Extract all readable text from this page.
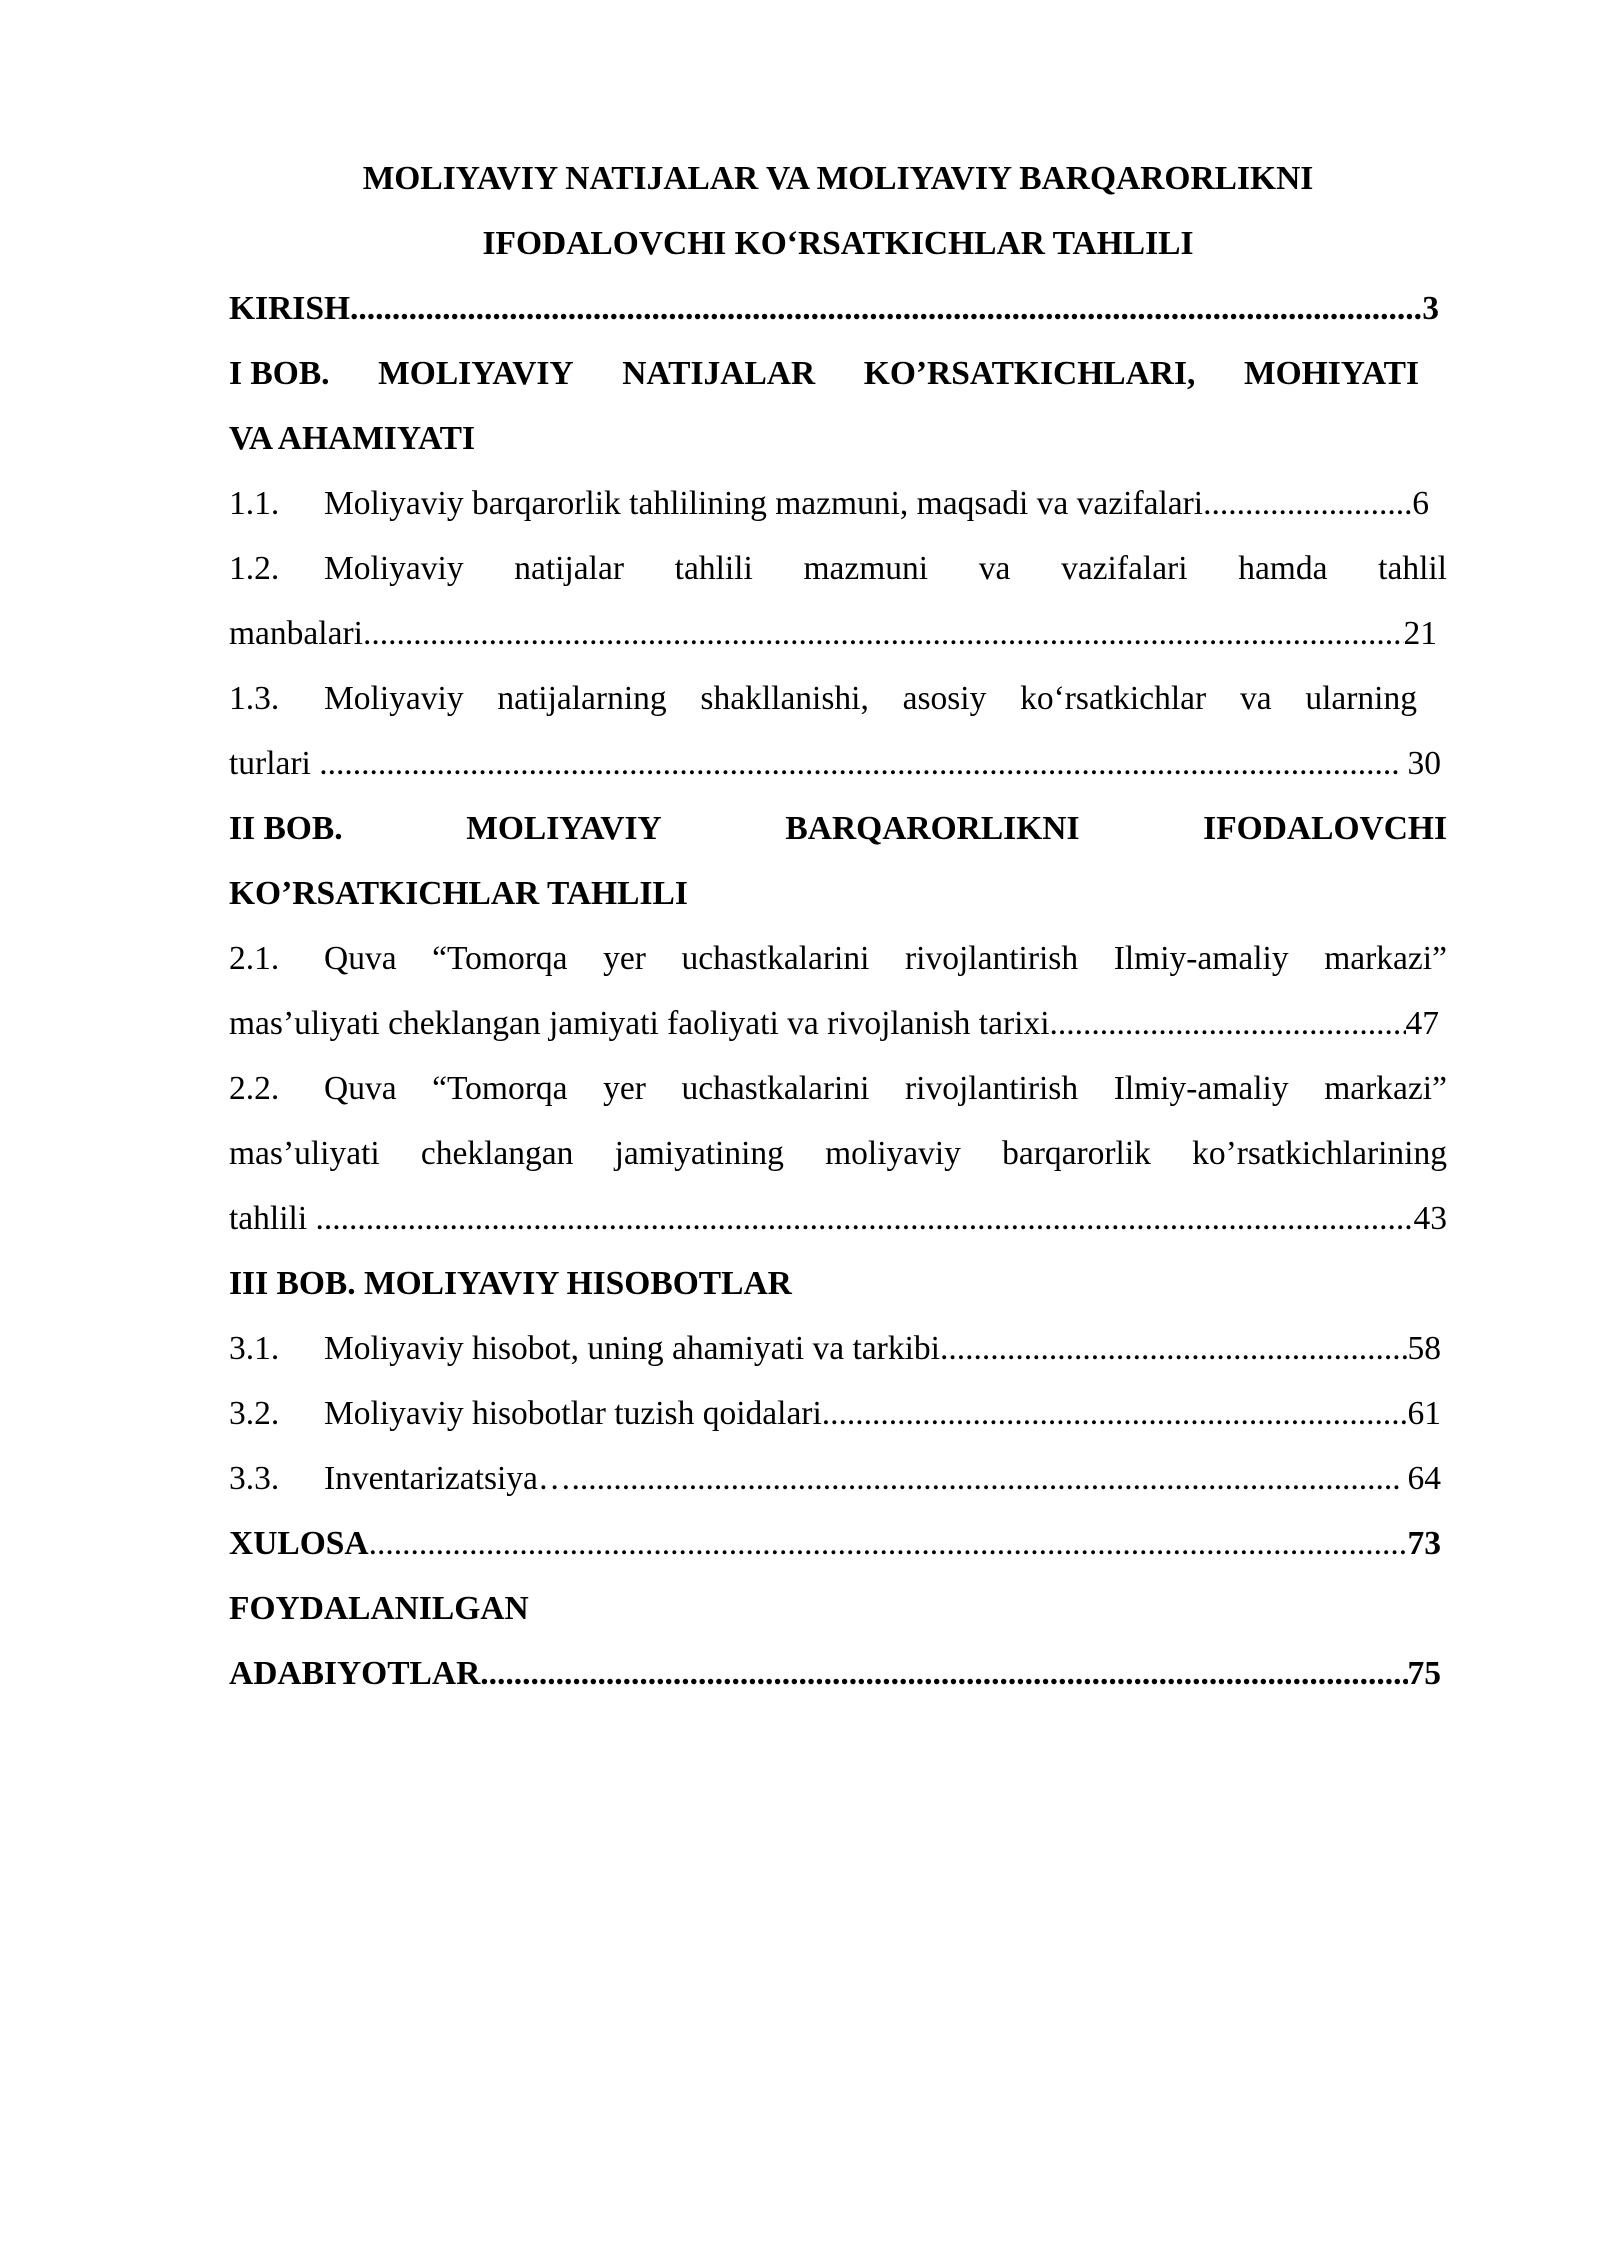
MOLIYAVIY NATIJALAR VA MOLIYAVIY BARQARORLIKNI
IFODALOVCHI KO‘RSATKICHLAR TAHLILI
KIRISH .....	3
I BOB. MOLIYAVIY NATIJALAR KO’RSATKICHLARI, MOHIYATI
VA AHAMIYATI
1.1.	Moliyaviy barqarorlik tahlilining mazmuni, maqsadi va vazifalari .....	6
1.2.	Moliyaviy natijalar tahlili mazmuni va vazifalari hamda tahlil
manbalari .....	21
1.3.	Moliyaviy natijalarning shakllanishi, asosiy ko‘rsatkichlar va ularning
turlari .....	30
II BOB.	MOLIYAVIY	BARQARORLIKNI	IFODALOVCHI
KO’RSATKICHLAR TAHLILI
2.1.	Quva “Tomorqa yer uchastkalarini rivojlantirish Ilmiy-amaliy markazi”
mas’uliyati cheklangan jamiyati faoliyati va rivojlanish tarixi .....	47
2.2.	Quva “Tomorqa yer uchastkalarini rivojlantirish Ilmiy-amaliy markazi”
mas’uliyati cheklangan jamiyatining moliyaviy barqarorlik ko’rsatkichlarining
tahlili .....	43
III BOB. MOLIYAVIY HISOBOTLAR
3.1.	Moliyaviy hisobot, uning ahamiyati va tarkibi .....	58
3.2.	Moliyaviy hisobotlar tuzish qoidalari .....	61
3.3.	Inventarizatsiya… .....	64
XULOSA .....	73
FOYDALANILGAN
ADABIYOTLAR .....	75
